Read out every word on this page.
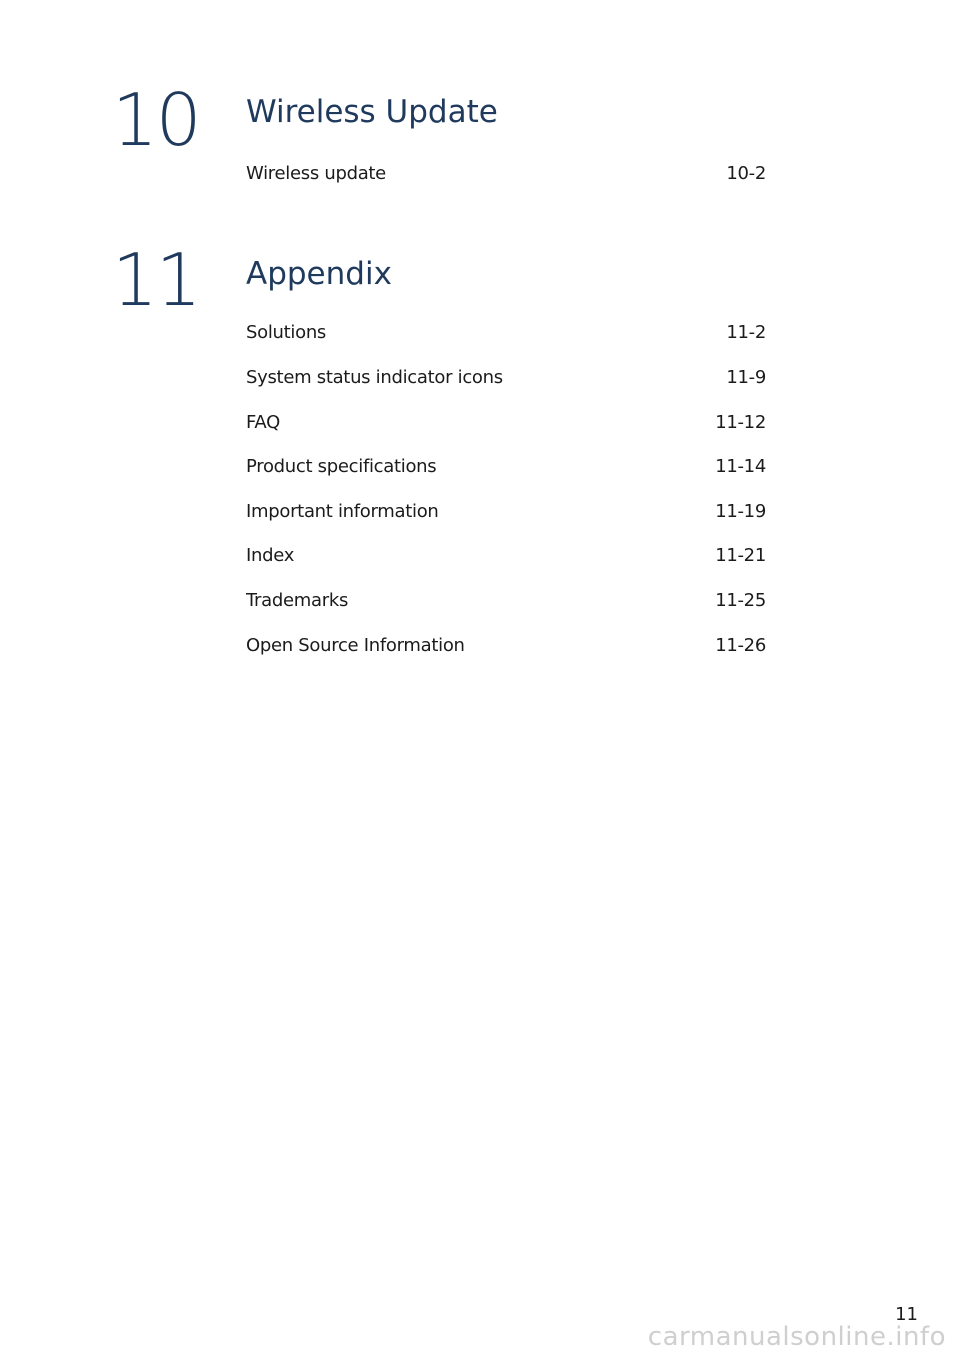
10 Wireless Update
Wireless update	10-2
11 Appendix
Solutions	11-2
System status indicator icons	11-9
FAQ	11-12
Product specifications	11-14
Important information	11-19
Index	11-21
Trademarks	11-25
Open Source Information	11-26
11
carmanualsonline.info
